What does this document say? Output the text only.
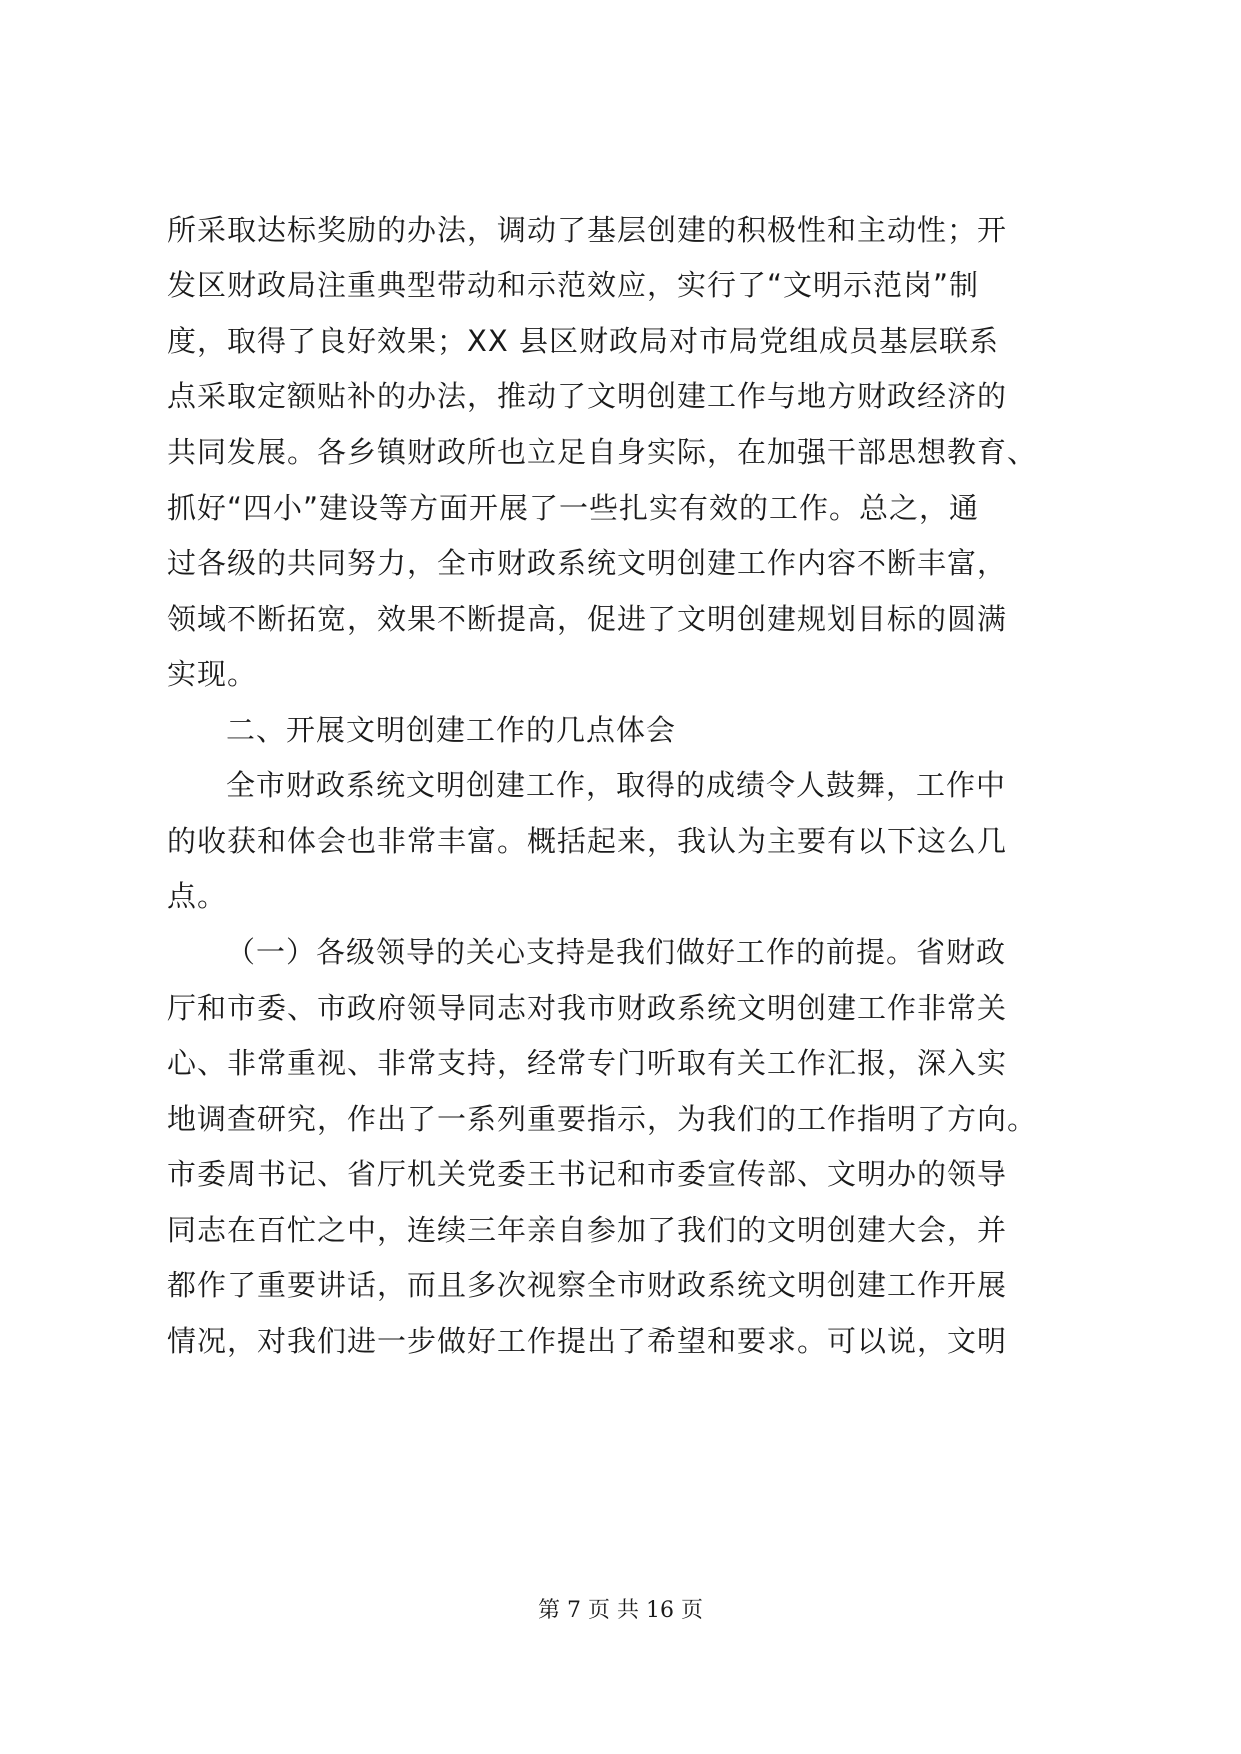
所采取达标奖励的办法，调动了基层创建的积极性和主动性；开
发区财政局注重典型带动和示范效应，实行了“文明示范岗”制
度，取得了良好效果；XX 县区财政局对市局党组成员基层联系
点采取定额贴补的办法，推动了文明创建工作与地方财政经济的
共同发展。各乡镇财政所也立足自身实际，在加强干部思想教育、
抓好“四小”建设等方面开展了一些扎实有效的工作。总之，通
过各级的共同努力，全市财政系统文明创建工作内容不断丰富，
领域不断拓宽，效果不断提高，促进了文明创建规划目标的圆满
实现。
二、开展文明创建工作的几点体会
全市财政系统文明创建工作，取得的成绩令人鼓舞，工作中
的收获和体会也非常丰富。概括起来，我认为主要有以下这么几
点。
（一）各级领导的关心支持是我们做好工作的前提。省财政
厅和市委、市政府领导同志对我市财政系统文明创建工作非常关
心、非常重视、非常支持，经常专门听取有关工作汇报，深入实
地调查研究，作出了一系列重要指示，为我们的工作指明了方向。
市委周书记、省厅机关党委王书记和市委宣传部、文明办的领导
同志在百忙之中，连续三年亲自参加了我们的文明创建大会，并
都作了重要讲话，而且多次视察全市财政系统文明创建工作开展
情况，对我们进一步做好工作提出了希望和要求。可以说，文明
第 7 页 共 16 页
